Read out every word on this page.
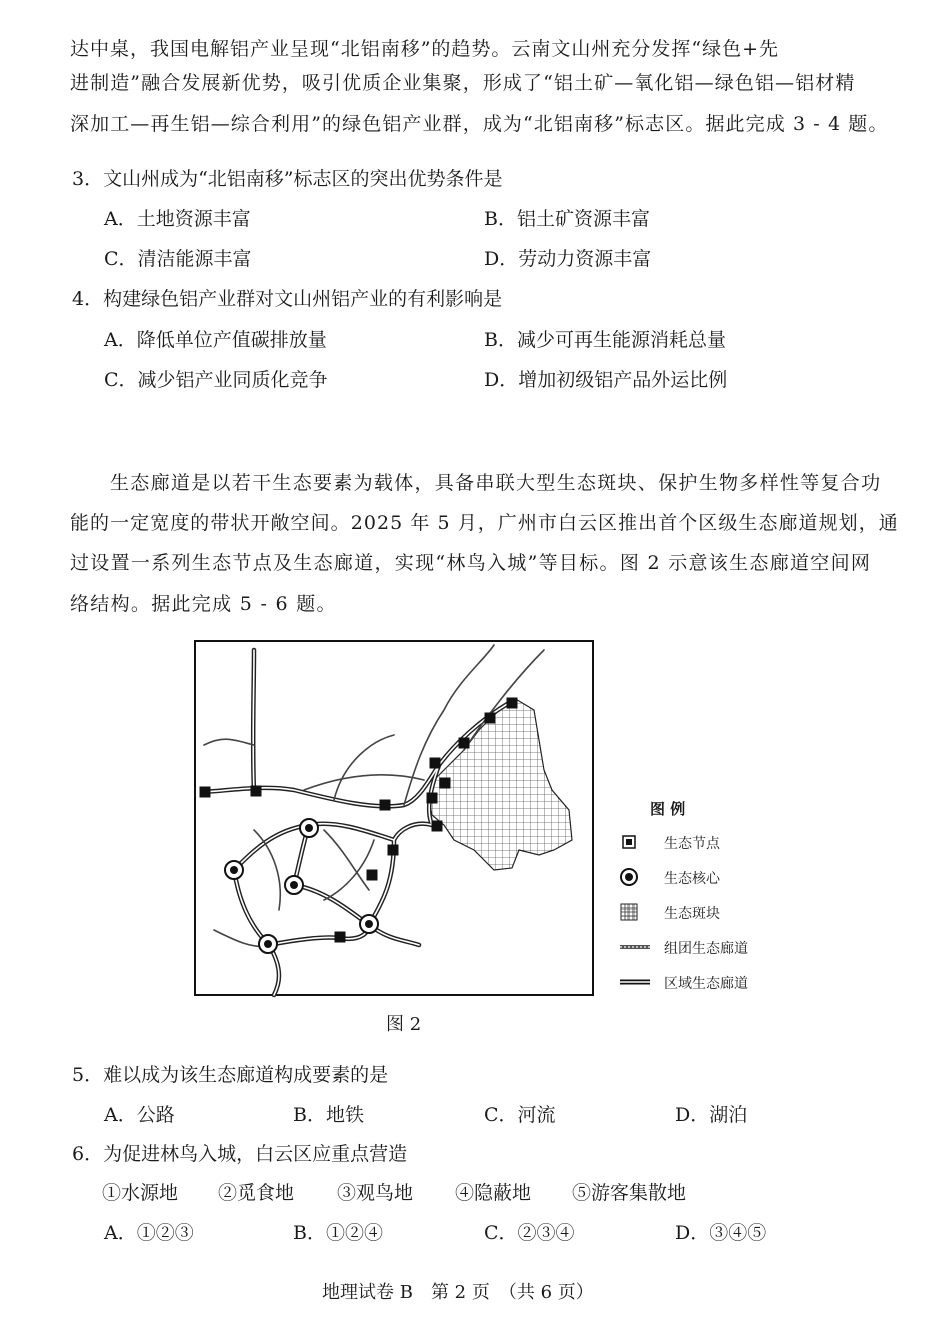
达中桌，我国电解铝产业呈现“北铝南移”的趋势。云南文山州充分发挥“绿色+先
进制造”融合发展新优势，吸引优质企业集聚，形成了“铝土矿—氧化铝—绿色铝—铝材精
深加工—再生铝—综合利用”的绿色铝产业群，成为“北铝南移”标志区。据此完成 3 - 4 题。
3．文山州成为“北铝南移”标志区的突出优势条件是
A．土地资源丰富	B．铝土矿资源丰富
C．清洁能源丰富	D．劳动力资源丰富
4．构建绿色铝产业群对文山州铝产业的有利影响是
A．降低单位产值碳排放量	B．减少可再生能源消耗总量
C．减少铝产业同质化竞争	D．增加初级铝产品外运比例
生态廊道是以若干生态要素为载体，具备串联大型生态斑块、保护生物多样性等复合功
能的一定宽度的带状开敞空间。2025 年 5 月，广州市白云区推出首个区级生态廊道规划，通
过设置一系列生态节点及生态廊道，实现“林鸟入城”等目标。图 2 示意该生态廊道空间网
络结构。据此完成 5 - 6 题。
图 例
生态节点
生态核心
生态斑块
组团生态廊道
区域生态廊道
图 2
5．难以成为该生态廊道构成要素的是
A．公路	B．地铁	C．河流	D．湖泊
6．为促进林鸟入城，白云区应重点营造
①水源地 ②觅食地 ③观鸟地 ④隐蔽地 ⑤游客集散地
A．①②③	B．①②④	C．②③④	D．③④⑤
地理试卷 B　第 2 页　（共 6 页）
